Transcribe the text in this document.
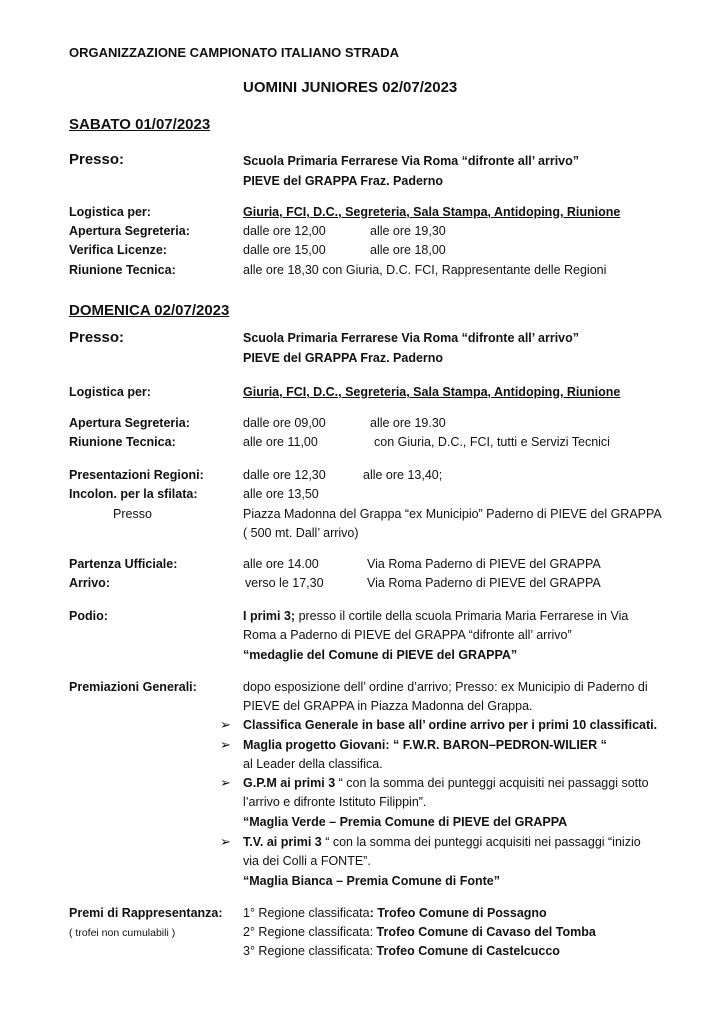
ORGANIZZAZIONE CAMPIONATO ITALIANO STRADA
UOMINI JUNIORES 02/07/2023
SABATO 01/07/2023
Presso:	Scuola Primaria Ferrarese Via Roma “difronte all’ arrivo”
PIEVE del GRAPPA Fraz. Paderno
Logistica per:	Giuria, FCI, D.C., Segreteria, Sala Stampa, Antidoping, Riunione
Apertura Segreteria:	dalle ore 12,00	alle ore 19,30
Verifica Licenze:	dalle ore 15,00	alle ore 18,00
Riunione Tecnica:	alle ore 18,30 con Giuria, D.C. FCI, Rappresentante delle Regioni
DOMENICA 02/07/2023
Presso:	Scuola Primaria Ferrarese Via Roma “difronte all’ arrivo”
PIEVE del GRAPPA Fraz. Paderno
Logistica per:	Giuria, FCI, D.C., Segreteria, Sala Stampa, Antidoping, Riunione
Apertura Segreteria:	dalle ore 09,00	alle ore 19.30
Riunione Tecnica:	alle ore 11,00	con Giuria, D.C., FCI, tutti e Servizi Tecnici
Presentazioni Regioni:	dalle ore 12,30	alle ore 13,40;
Incolon. per la sfilata:	alle ore 13,50
Presso	Piazza Madonna del Grappa “ex Municipio” Paderno di PIEVE del GRAPPA
( 500 mt. Dall’ arrivo)
Partenza Ufficiale:	alle ore 14.00	Via Roma Paderno di PIEVE del GRAPPA
Arrivo:	verso le 17,30	Via Roma Paderno di PIEVE del GRAPPA
Podio:	I primi 3; presso il cortile della scuola Primaria Maria Ferrarese in Via
Roma a Paderno di PIEVE del GRAPPA “difronte all’ arrivo”
“medaglie del Comune di PIEVE del GRAPPA”
Premiazioni Generali:	dopo esposizione dell’ ordine d’arrivo; Presso: ex Municipio di Paderno di
PIEVE del GRAPPA in Piazza Madonna del Grappa.
➢ Classifica Generale in base all’ ordine arrivo per i primi 10 classificati.
➢ Maglia progetto Giovani: “ F.W.R. BARON–PEDRON-WILIER “
al Leader della classifica.
➢ G.P.M ai primi 3 “ con la somma dei punteggi acquisiti nei passaggi sotto
l’arrivo e difronte Istituto Filippin”.
“Maglia Verde – Premia Comune di PIEVE del GRAPPA
➢ T.V. ai primi 3 “ con la somma dei punteggi acquisiti nei passaggi “inizio
via dei Colli a FONTE”.
“Maglia Bianca – Premia Comune di Fonte”
Premi di Rappresentanza:
( trofei non cumulabili )
1° Regione classificata: Trofeo Comune di Possagno
2° Regione classificata: Trofeo Comune di Cavaso del Tomba
3° Regione classificata: Trofeo Comune di Castelcucco
